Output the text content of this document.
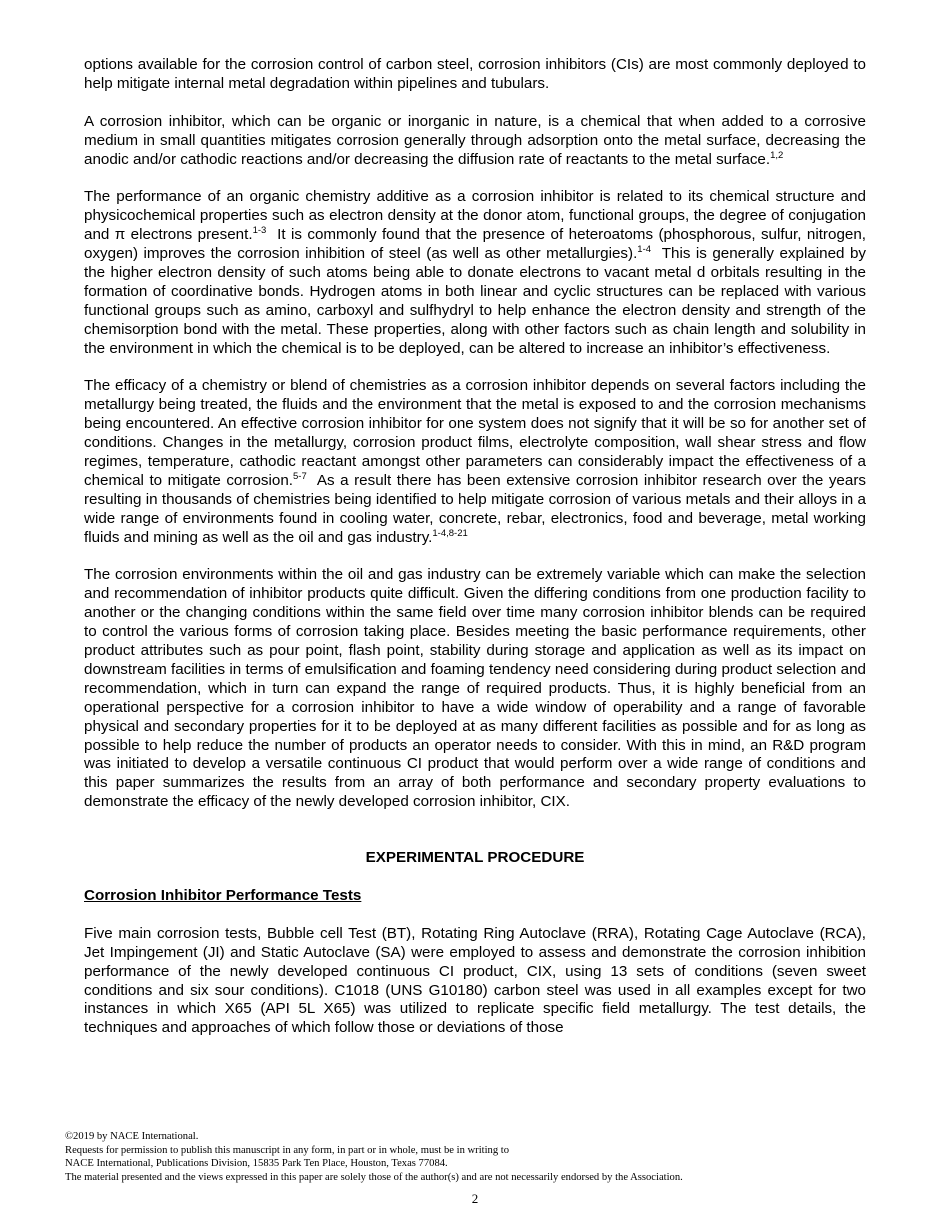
options available for the corrosion control of carbon steel, corrosion inhibitors (CIs) are most commonly deployed to help mitigate internal metal degradation within pipelines and tubulars.

A corrosion inhibitor, which can be organic or inorganic in nature, is a chemical that when added to a corrosive medium in small quantities mitigates corrosion generally through adsorption onto the metal surface, decreasing the anodic and/or cathodic reactions and/or decreasing the diffusion rate of reactants to the metal surface.$^{1,2}$

The performance of an organic chemistry additive as a corrosion inhibitor is related to its chemical structure and physicochemical properties such as electron density at the donor atom, functional groups, the degree of conjugation and π electrons present.$^{1-3}$  It is commonly found that the presence of heteroatoms (phosphorous, sulfur, nitrogen, oxygen) improves the corrosion inhibition of steel (as well as other metallurgies).$^{1-4}$  This is generally explained by the higher electron density of such atoms being able to donate electrons to vacant metal d orbitals resulting in the formation of coordinative bonds. Hydrogen atoms in both linear and cyclic structures can be replaced with various functional groups such as amino, carboxyl and sulfhydryl to help enhance the electron density and strength of the chemisorption bond with the metal. These properties, along with other factors such as chain length and solubility in the environment in which the chemical is to be deployed, can be altered to increase an inhibitor’s effectiveness.

The efficacy of a chemistry or blend of chemistries as a corrosion inhibitor depends on several factors including the metallurgy being treated, the fluids and the environment that the metal is exposed to and the corrosion mechanisms being encountered. An effective corrosion inhibitor for one system does not signify that it will be so for another set of conditions. Changes in the metallurgy, corrosion product films, electrolyte composition, wall shear stress and flow regimes, temperature, cathodic reactant amongst other parameters can considerably impact the effectiveness of a chemical to mitigate corrosion.$^{5-7}$  As a result there has been extensive corrosion inhibitor research over the years resulting in thousands of chemistries being identified to help mitigate corrosion of various metals and their alloys in a wide range of environments found in cooling water, concrete, rebar, electronics, food and beverage, metal working fluids and mining as well as the oil and gas industry.$^{1-4,8-21}$

The corrosion environments within the oil and gas industry can be extremely variable which can make the selection and recommendation of inhibitor products quite difficult. Given the differing conditions from one production facility to another or the changing conditions within the same field over time many corrosion inhibitor blends can be required to control the various forms of corrosion taking place. Besides meeting the basic performance requirements, other product attributes such as pour point, flash point, stability during storage and application as well as its impact on downstream facilities in terms of emulsification and foaming tendency need considering during product selection and recommendation, which in turn can expand the range of required products. Thus, it is highly beneficial from an operational perspective for a corrosion inhibitor to have a wide window of operability and a range of favorable physical and secondary properties for it to be deployed at as many different facilities as possible and for as long as possible to help reduce the number of products an operator needs to consider. With this in mind, an R&D program was initiated to develop a versatile continuous CI product that would perform over a wide range of conditions and this paper summarizes the results from an array of both performance and secondary property evaluations to demonstrate the efficacy of the newly developed corrosion inhibitor, CIX.

EXPERIMENTAL PROCEDURE
Corrosion Inhibitor Performance Tests

Five main corrosion tests, Bubble cell Test (BT), Rotating Ring Autoclave (RRA), Rotating Cage Autoclave (RCA), Jet Impingement (JI) and Static Autoclave (SA) were employed to assess and demonstrate the corrosion inhibition performance of the newly developed continuous CI product, CIX, using 13 sets of conditions (seven sweet conditions and six sour conditions). C1018 (UNS G10180) carbon steel was used in all examples except for two instances in which X65 (API 5L X65) was utilized to replicate specific field metallurgy. The test details, the techniques and approaches of which follow those or deviations of those

©2019 by NACE International.
Requests for permission to publish this manuscript in any form, in part or in whole, must be in writing to
NACE International, Publications Division, 15835 Park Ten Place, Houston, Texas 77084.
The material presented and the views expressed in this paper are solely those of the author(s) and are not necessarily endorsed by the Association.
2
